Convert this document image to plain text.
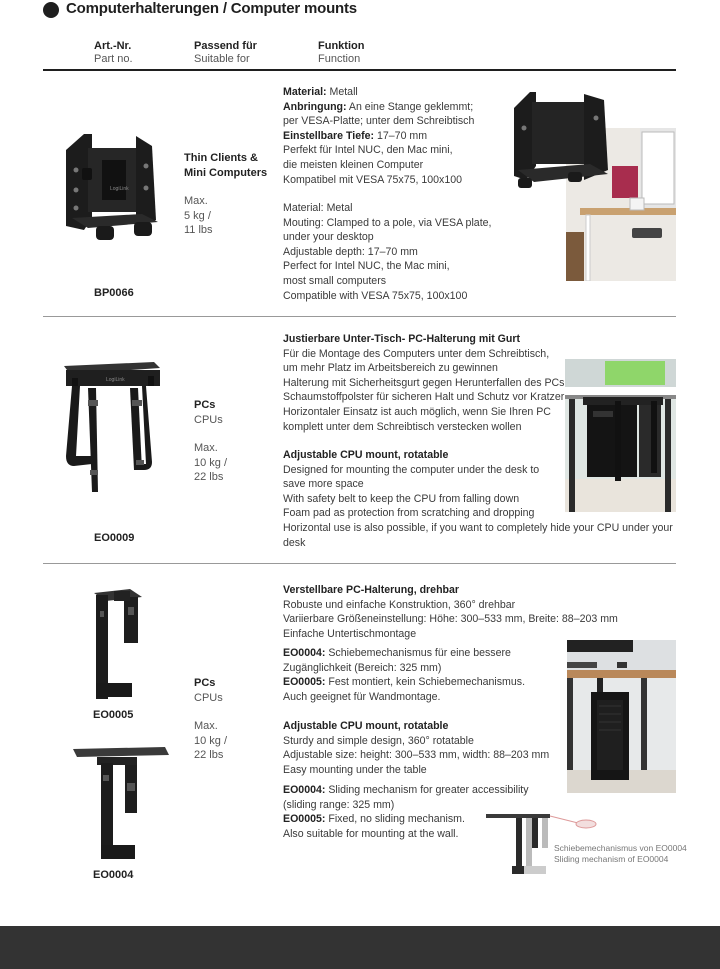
Computerhalterungen / Computer mounts
Art.-Nr.
Part no.
Passend für
Suitable for
Funktion
Function
LogiLink
BP0066
Thin Clients &
Mini Computers
Max.
5 kg /
11 lbs
Material: Metall
Anbringung: An eine Stange geklemmt;
per VESA-Platte; unter dem Schreibtisch
Einstellbare Tiefe: 17–70 mm
Perfekt für Intel NUC, den Mac mini,
die meisten kleinen Computer
Kompatibel mit VESA 75x75, 100x100
Material: Metal
Mouting: Clamped to a pole, via VESA plate,
under your desktop
Adjustable depth: 17–70 mm
Perfect for Intel NUC, the Mac mini,
most small computers
Compatible with VESA 75x75, 100x100
LogiLink
EO0009
PCs
CPUs
Max.
10 kg /
22 lbs
Justierbare Unter-Tisch- PC-Halterung mit Gurt
Für die Montage des Computers unter dem Schreibtisch,
um mehr Platz im Arbeitsbereich zu gewinnen
Halterung mit Sicherheitsgurt gegen Herunterfallen des PCs
Schaumstoffpolster für sicheren Halt und Schutz vor Kratzer
Horizontaler Einsatz ist auch möglich, wenn Sie Ihren PC
komplett unter dem Schreibtisch verstecken wollen
Adjustable CPU mount, rotatable
Designed for mounting the computer under the desk to
save more space
With safety belt to keep the CPU from falling down
Foam pad as protection from scratching and dropping
Horizontal use is also possible, if you want to completely hide your CPU under your
desk
EO0005
EO0004
PCs
CPUs
Max.
10 kg /
22 lbs
Verstellbare PC-Halterung, drehbar
Robuste und einfache Konstruktion, 360° drehbar
Variierbare Größeneinstellung: Höhe: 300–533 mm, Breite: 88–203 mm
Einfache Untertischmontage
EO0004: Schiebemechanismus für eine bessere
Zugänglichkeit (Bereich: 325 mm)
EO0005: Fest montiert, kein Schiebemechanismus.
Auch geeignet für Wandmontage.
Adjustable CPU mount, rotatable
Sturdy and simple design, 360° rotatable
Adjustable size: height: 300–533 mm, width: 88–203 mm
Easy mounting under the table
EO0004: Sliding mechanism for greater accessibility
(sliding range: 325 mm)
EO0005: Fixed, no sliding mechanism.
Also suitable for mounting at the wall.
Schiebemechanismus von EO0004
Sliding mechanism of EO0004
